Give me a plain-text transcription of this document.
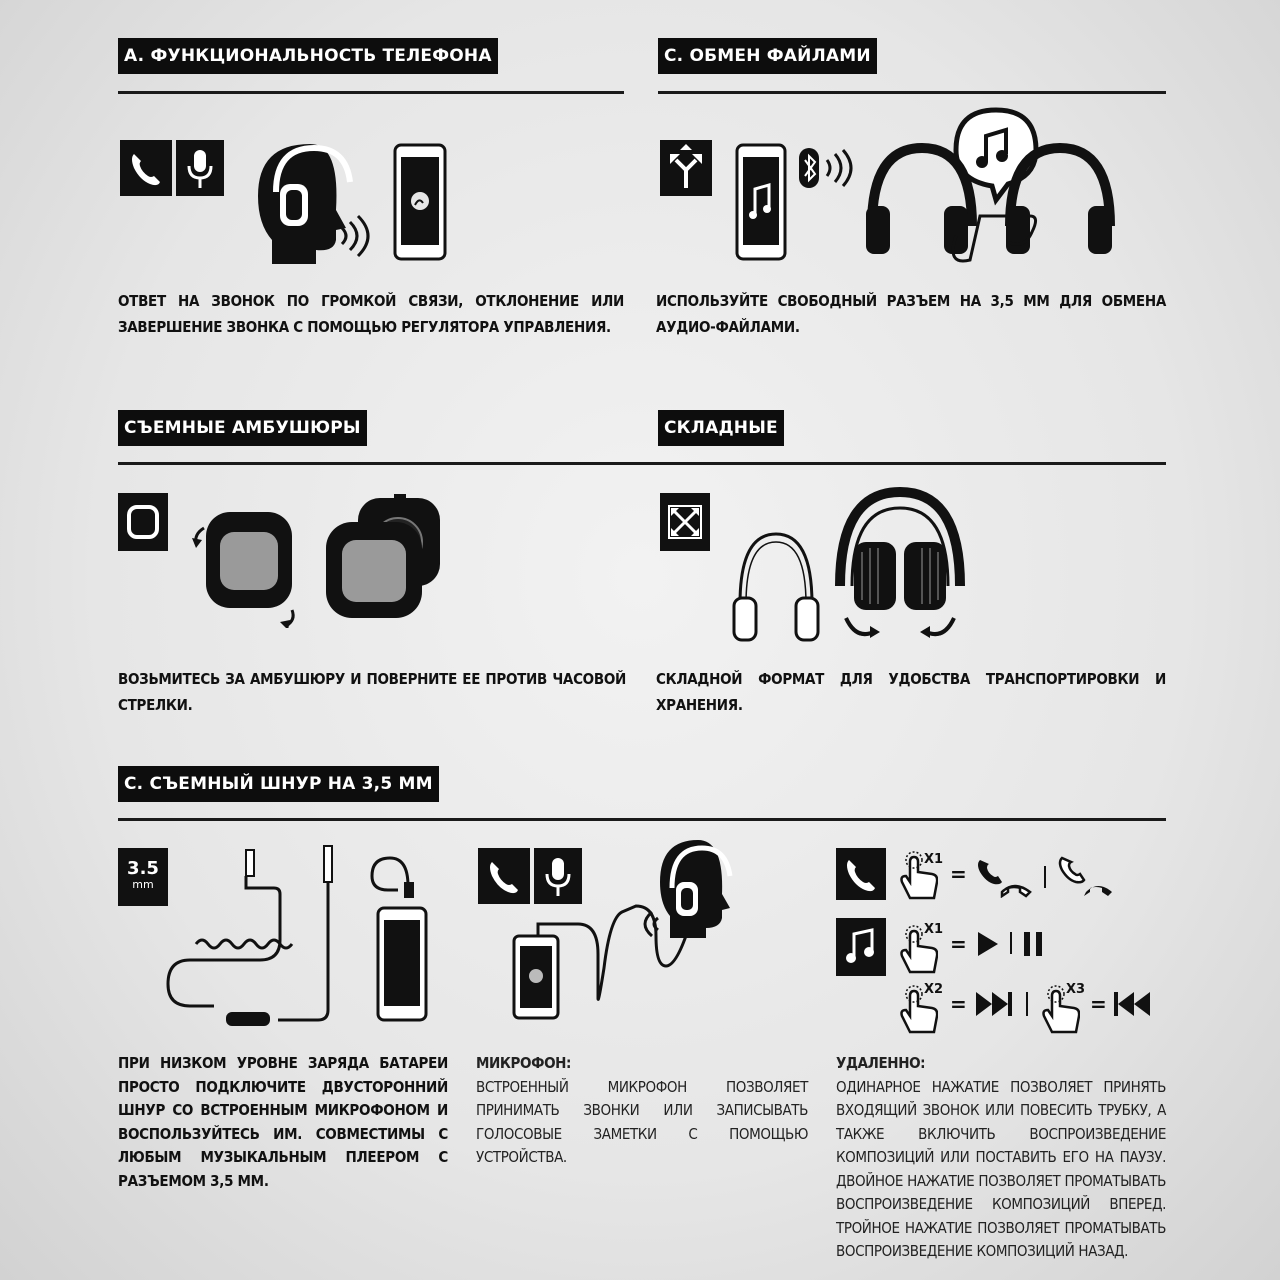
A. ФУНКЦИОНАЛЬНОСТЬ ТЕЛЕФОНА
ОТВЕТ НА ЗВОНОК ПО ГРОМКОЙ СВЯЗИ, ОТКЛОНЕНИЕ ИЛИ ЗАВЕРШЕНИЕ ЗВОНКА С ПОМОЩЬЮ РЕГУЛЯТОРА УПРАВЛЕНИЯ.
C. ОБМЕН ФАЙЛАМИ
ИСПОЛЬЗУЙТЕ СВОБОДНЫЙ РАЗЪЕМ НА 3,5 ММ ДЛЯ ОБМЕНА АУДИО-ФАЙЛАМИ.
СЪЕМНЫЕ АМБУШЮРЫ
ВОЗЬМИТЕСЬ ЗА АМБУШЮРУ И ПОВЕРНИТЕ ЕЕ ПРОТИВ ЧАСОВОЙ СТРЕЛКИ.
СКЛАДНЫЕ
СКЛАДНОЙ ФОРМАТ ДЛЯ УДОБСТВА ТРАНСПОРТИРОВКИ И ХРАНЕНИЯ.
C. СЪЕМНЫЙ ШНУР НА 3,5 ММ
3.5
mm
ПРИ НИЗКОМ УРОВНЕ ЗАРЯДА БАТАРЕИ ПРОСТО ПОДКЛЮЧИТЕ ДВУСТОРОННИЙ ШНУР СО ВСТРОЕННЫМ МИКРОФОНОМ И ВОСПОЛЬЗУЙТЕСЬ ИМ. СОВМЕСТИМЫ С ЛЮБЫМ МУЗЫКАЛЬНЫМ ПЛЕЕРОМ С РАЗЪЕМОМ 3,5 ММ.
МИКРОФОН:
ВСТРОЕННЫЙ МИКРОФОН ПОЗВОЛЯЕТ ПРИНИМАТЬ ЗВОНКИ ИЛИ ЗАПИСЫВАТЬ ГОЛОСОВЫЕ ЗАМЕТКИ С ПОМОЩЬЮ УСТРОЙСТВА.
X1
=
X1
=
X2
=
X3
=
УДАЛЕННО:
ОДИНАРНОЕ НАЖАТИЕ ПОЗВОЛЯЕТ ПРИНЯТЬ ВХОДЯЩИЙ ЗВОНОК ИЛИ ПОВЕСИТЬ ТРУБКУ, А ТАКЖЕ ВКЛЮЧИТЬ ВОСПРОИЗВЕДЕНИЕ КОМПОЗИЦИЙ ИЛИ ПОСТАВИТЬ ЕГО НА ПАУЗУ. ДВОЙНОЕ НАЖАТИЕ ПОЗВОЛЯЕТ ПРОМАТЫВАТЬ ВОСПРОИЗВЕДЕНИЕ КОМПОЗИЦИЙ ВПЕРЕД. ТРОЙНОЕ НАЖАТИЕ ПОЗВОЛЯЕТ ПРОМАТЫВАТЬ ВОСПРОИЗВЕДЕНИЕ КОМПОЗИЦИЙ НАЗАД.
